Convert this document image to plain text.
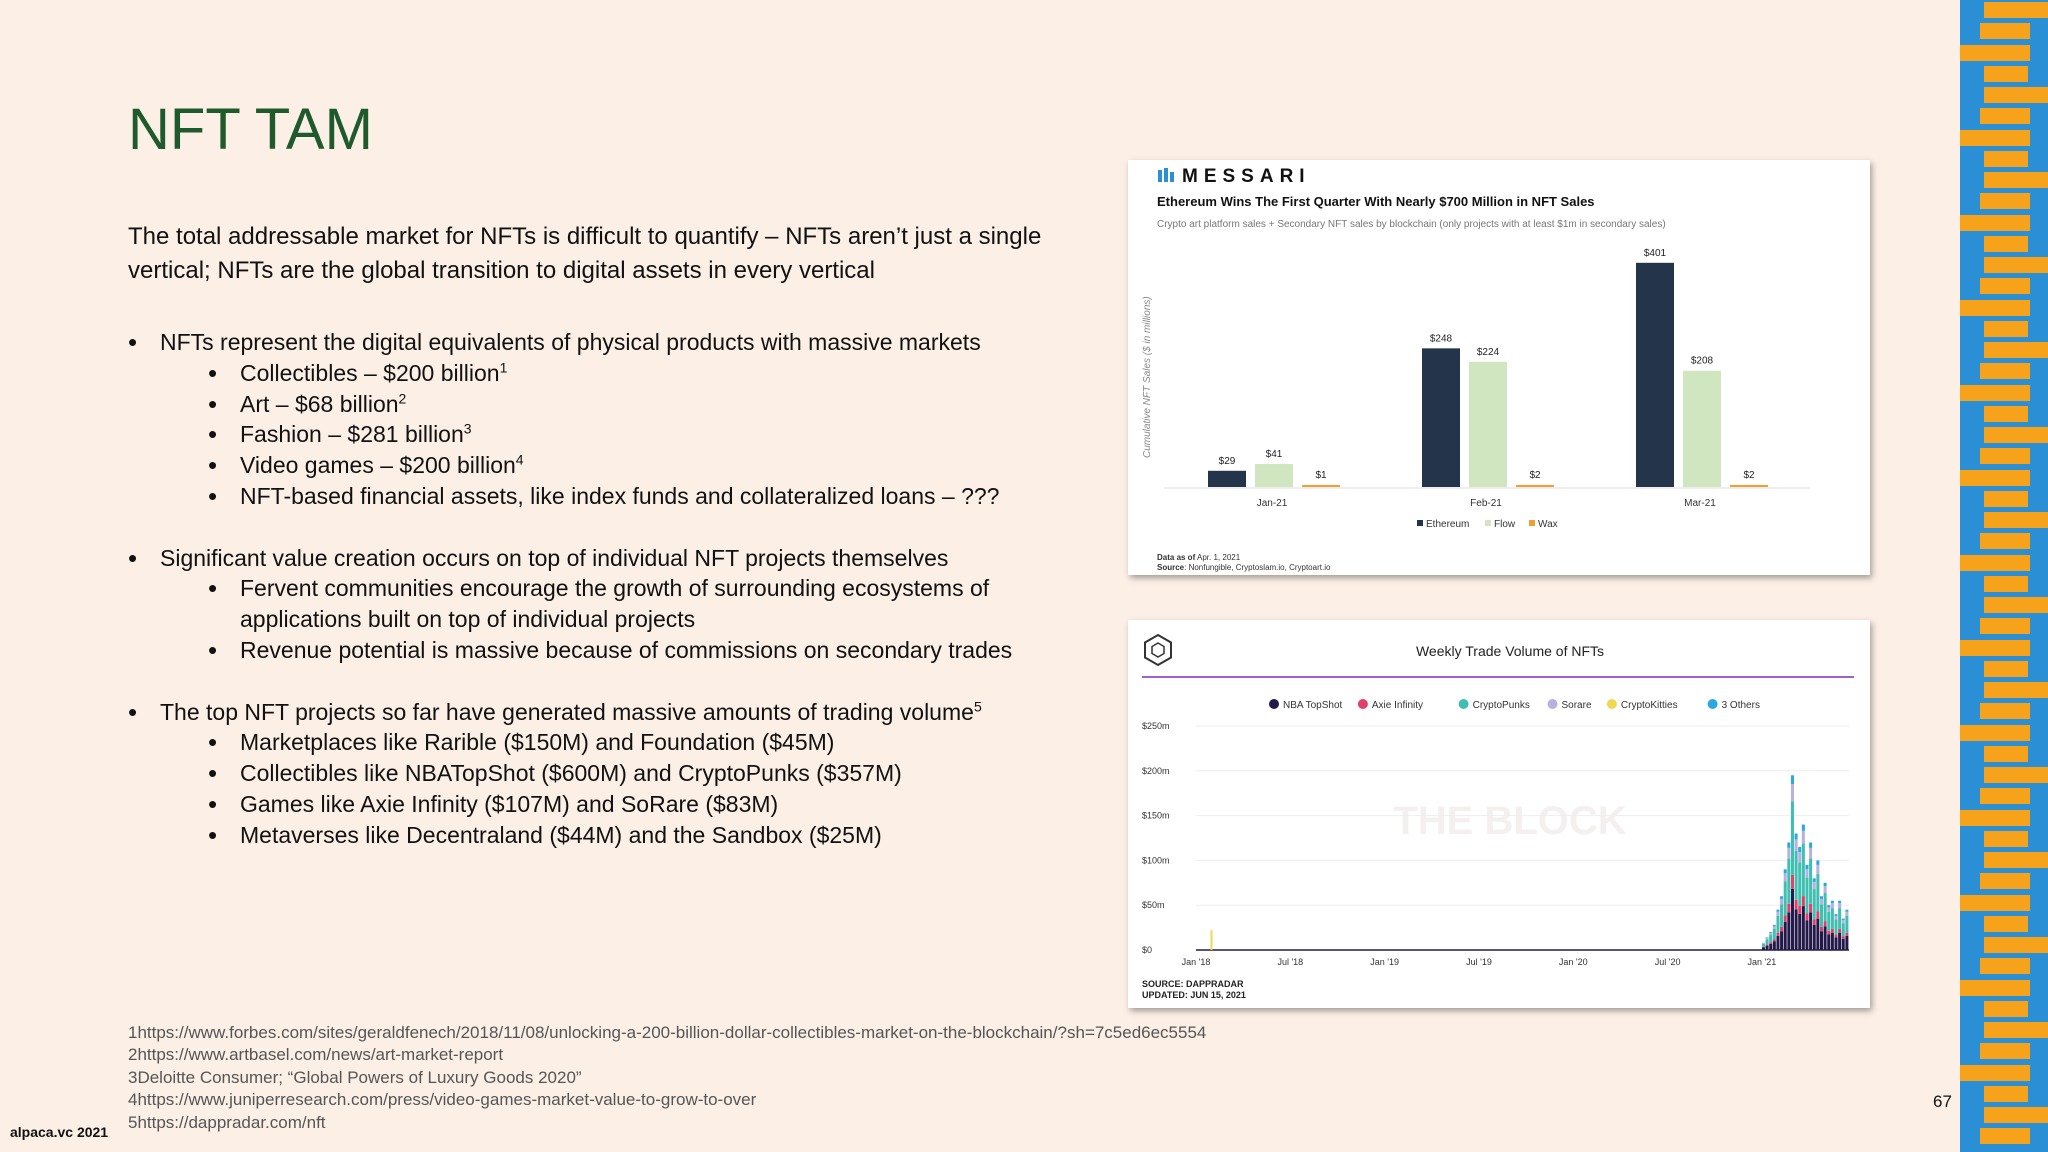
NFT TAM

The total addressable market for NFTs is difficult to quantify – NFTs aren’t just a single vertical; NFTs are the global transition to digital assets in every vertical

• NFTs represent the digital equivalents of physical products with massive markets
• Collectibles – $200 billion$^1$
• Art – $68 billion$^2$
• Fashion – $281 billion$^3$
• Video games – $200 billion$^4$
• NFT-based financial assets, like index funds and collateralized loans – ???
• Significant value creation occurs on top of individual NFT projects themselves
• Fervent communities encourage the growth of surrounding ecosystems of applications built on top of individual projects
• Revenue potential is massive because of commissions on secondary trades
• The top NFT projects so far have generated massive amounts of trading volume$^5$
• Marketplaces like Rarible ($150M) and Foundation ($45M)
• Collectibles like NBATopShot ($600M) and CryptoPunks ($357M)
• Games like Axie Infinity ($107M) and SoRare ($83M)
• Metaverses like Decentraland ($44M) and the Sandbox ($25M)
1https://www.forbes.com/sites/geraldfenech/2018/11/08/unlocking-a-200-billion-dollar-collectibles-market-on-the-blockchain/?sh=7c5ed6ec5554
2https://www.artbasel.com/news/art-market-report
3Deloitte Consumer; “Global Powers of Luxury Goods 2020”
4https://www.juniperresearch.com/press/video-games-market-value-to-grow-to-over
5https://dappradar.com/nft
alpaca.vc 2021
67
MESSARI
Ethereum Wins The First Quarter With Nearly $700 Million in NFT Sales
Crypto art platform sales + Secondary NFT sales by blockchain (only projects with at least $1m in secondary sales)
Cumulative NFT Sales ($ in millions)
$29
$41
$1
Jan-21
$248
$224
$2
Feb-21
$401
$208
$2
Mar-21
Ethereum Flow Wax
Data as of Apr. 1, 2021
Source: Nonfungible, Cryptoslam.io, Cryptoart.io
Weekly Trade Volume of NFTs
THE BLOCK
NBA TopShot	Axie Infinity	CryptoPunks	Sorare	CryptoKitties	3 Others
$0
$50m
$100m
$150m
$200m
$250m
Jan '18	Jul '18	Jan '19	Jul '19	Jan '20	Jul '20	Jan '21
SOURCE: DAPPRADAR
UPDATED: JUN 15, 2021
